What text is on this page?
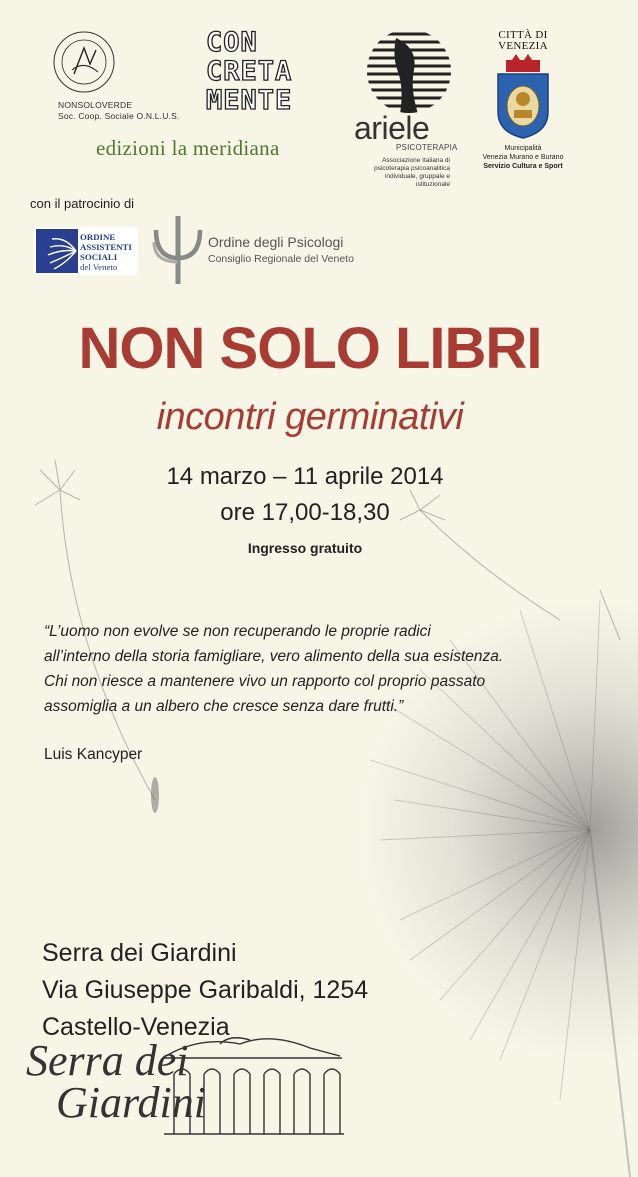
NONSOLOVERDE
Soc. Coop. Sociale O.N.L.U.S.
CON
CRETA
MENTE
edizioni la meridiana
ariele
PSICOTERAPIA
Associazione Italiana di
psicoterapia psicoanalitica
individuale, gruppale e
istituzionale
CITTÀ DI
VENEZIA
Municipalità
Venezia Murano e Burano
Servizio Cultura e Sport
con il patrocinio di
ORDINE
ASSISTENTI
SOCIALI
del Veneto
Ordine degli Psicologi
Consiglio Regionale del Veneto
NON SOLO LIBRI
incontri germinativi
14 marzo – 11 aprile 2014
ore 17,00-18,30
Ingresso gratuito
“L’uomo non evolve se non recuperando le proprie radici
all’interno della storia famigliare, vero alimento della sua esistenza.
Chi non riesce a mantenere vivo un rapporto col proprio passato
assomiglia a un albero che cresce senza dare frutti.”
Luis Kancyper
Serra dei Giardini
Via Giuseppe Garibaldi, 1254
Castello-Venezia
Serra dei
Giardini
